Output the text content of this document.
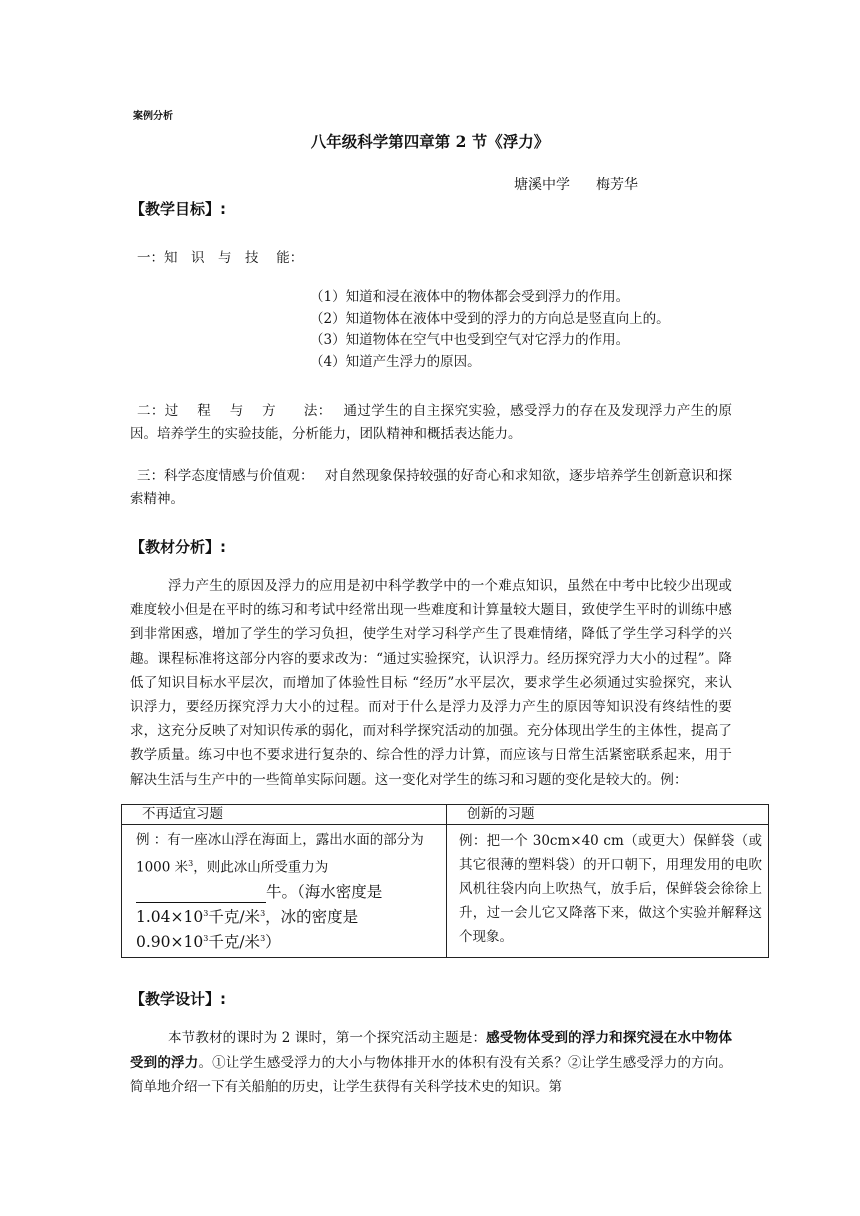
案例分析
八年级科学第四章第 2 节《浮力》
塘溪中学 梅芳华
【教学目标】:
一：知　识　与　技　 能：
（1）知道和浸在液体中的物体都会受到浮力的作用。
（2）知道物体在液体中受到的浮力的方向总是竖直向上的。
（3）知道物体在空气中也受到空气对它浮力的作用。
（4）知道产生浮力的原因。
二：过　 程　 与　 方　　法：　 通过学生的自主探究实验，感受浮力的存在及发现浮力产生的原因。培养学生的实验技能，分析能力，团队精神和概括表达能力。
三：科学态度情感与价值观：　 对自然现象保持较强的好奇心和求知欲，逐步培养学生创新意识和探索精神。
【教材分析】:
浮力产生的原因及浮力的应用是初中科学教学中的一个难点知识，虽然在中考中比较少出现或难度较小但是在平时的练习和考试中经常出现一些难度和计算量较大题目，致使学生平时的训练中感到非常困惑，增加了学生的学习负担，使学生对学习科学产生了畏难情绪，降低了学生学习科学的兴趣。课程标准将这部分内容的要求改为：“通过实验探究，认识浮力。经历探究浮力大小的过程”。降低了知识目标水平层次，而增加了体验性目标 “经历”水平层次，要求学生必须通过实验探究，来认识浮力，要经历探究浮力大小的过程。而对于什么是浮力及浮力产生的原因等知识没有终结性的要求，这充分反映了对知识传承的弱化，而对科学探究活动的加强。充分体现出学生的主体性，提高了教学质量。练习中也不要求进行复杂的、综合性的浮力计算，而应该与日常生活紧密联系起来，用于解决生活与生产中的一些简单实际问题。这一变化对学生的练习和习题的变化是较大的。例：
不再适宜习题	创新的习题

例 ：有一座冰山浮在海面上，露出水面的部分为 1000 米$^3$，则此冰山所受重力为
牛。（海水密度是
$1.04\times 10^3$千克/米$^3$，冰的密度是
$0.90\times 10^3$千克/米$^3$）	例：把一个 30cm×40 cm（或更大）保鲜袋（或其它很薄的塑料袋）的开口朝下，用理发用的电吹风机往袋内向上吹热气，放手后，保鲜袋会徐徐上升，过一会儿它又降落下来，做这个实验并解释这个现象。
【教学设计】:
本节教材的课时为 2 课时，第一个探究活动主题是：感受物体受到的浮力和探究浸在水中物体受到的浮力。①让学生感受浮力的大小与物体排开水的体积有没有关系？②让学生感受浮力的方向。简单地介绍一下有关船舶的历史，让学生获得有关科学技术史的知识。第
